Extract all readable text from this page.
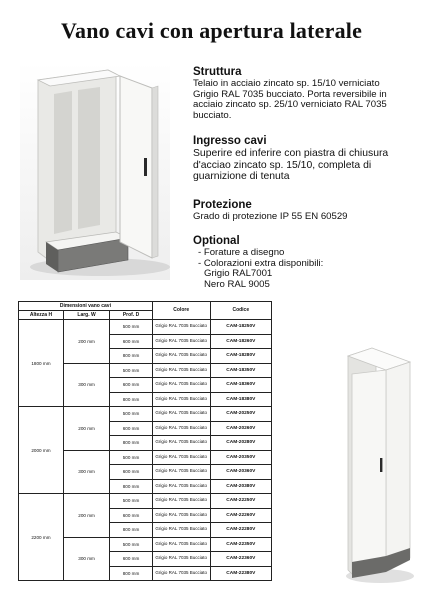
Vano cavi con apertura laterale
Struttura
Telaio in acciaio zincato sp. 15/10 verniciato
Grigio RAL 7035 bucciato. Porta reversibile in
acciaio zincato sp. 25/10 verniciato RAL 7035
bucciato.
Ingresso cavi
Superire ed inferire con piastra di chiusura
d'acciao zincato sp. 15/10, completa di
guarnizione di tenuta
Protezione
Grado di protezione IP 55 EN 60529
Optional
- Forature a disegno
- Colorazioni extra disponibili:
Grigio RAL7001
Nero RAL 9005
Dimensioni vano cavi			Colore	Codice
Altezza H	Larg. W	Prof. D		
1800 mm	200 mm	500 mm	Grigio RAL 7035 Bucciato	CAM-18250V
		600 mm	Grigio RAL 7035 Bucciato	CAM-18260V
		800 mm	Grigio RAL 7035 Bucciato	CAM-18280V
	300 mm	500 mm	Grigio RAL 7035 Bucciato	CAM-18350V
		600 mm	Grigio RAL 7035 Bucciato	CAM-18360V
		800 mm	Grigio RAL 7035 Bucciato	CAM-18380V
2000 mm	200 mm	500 mm	Grigio RAL 7035 Bucciato	CAM-20250V
		600 mm	Grigio RAL 7035 Bucciato	CAM-20260V
		800 mm	Grigio RAL 7035 Bucciato	CAM-20280V
	300 mm	500 mm	Grigio RAL 7035 Bucciato	CAM-20350V
		600 mm	Grigio RAL 7035 Bucciato	CAM-20360V
		800 mm	Grigio RAL 7035 Bucciato	CAM-20380V
2200 mm	200 mm	500 mm	Grigio RAL 7035 Bucciato	CAM-22250V
		600 mm	Grigio RAL 7035 Bucciato	CAM-22260V
		800 mm	Grigio RAL 7035 Bucciato	CAM-22280V
	300 mm	500 mm	Grigio RAL 7035 Bucciato	CAM-22350V
		600 mm	Grigio RAL 7035 Bucciato	CAM-22360V
		800 mm	Grigio RAL 7035 Bucciato	CAM-22380V
